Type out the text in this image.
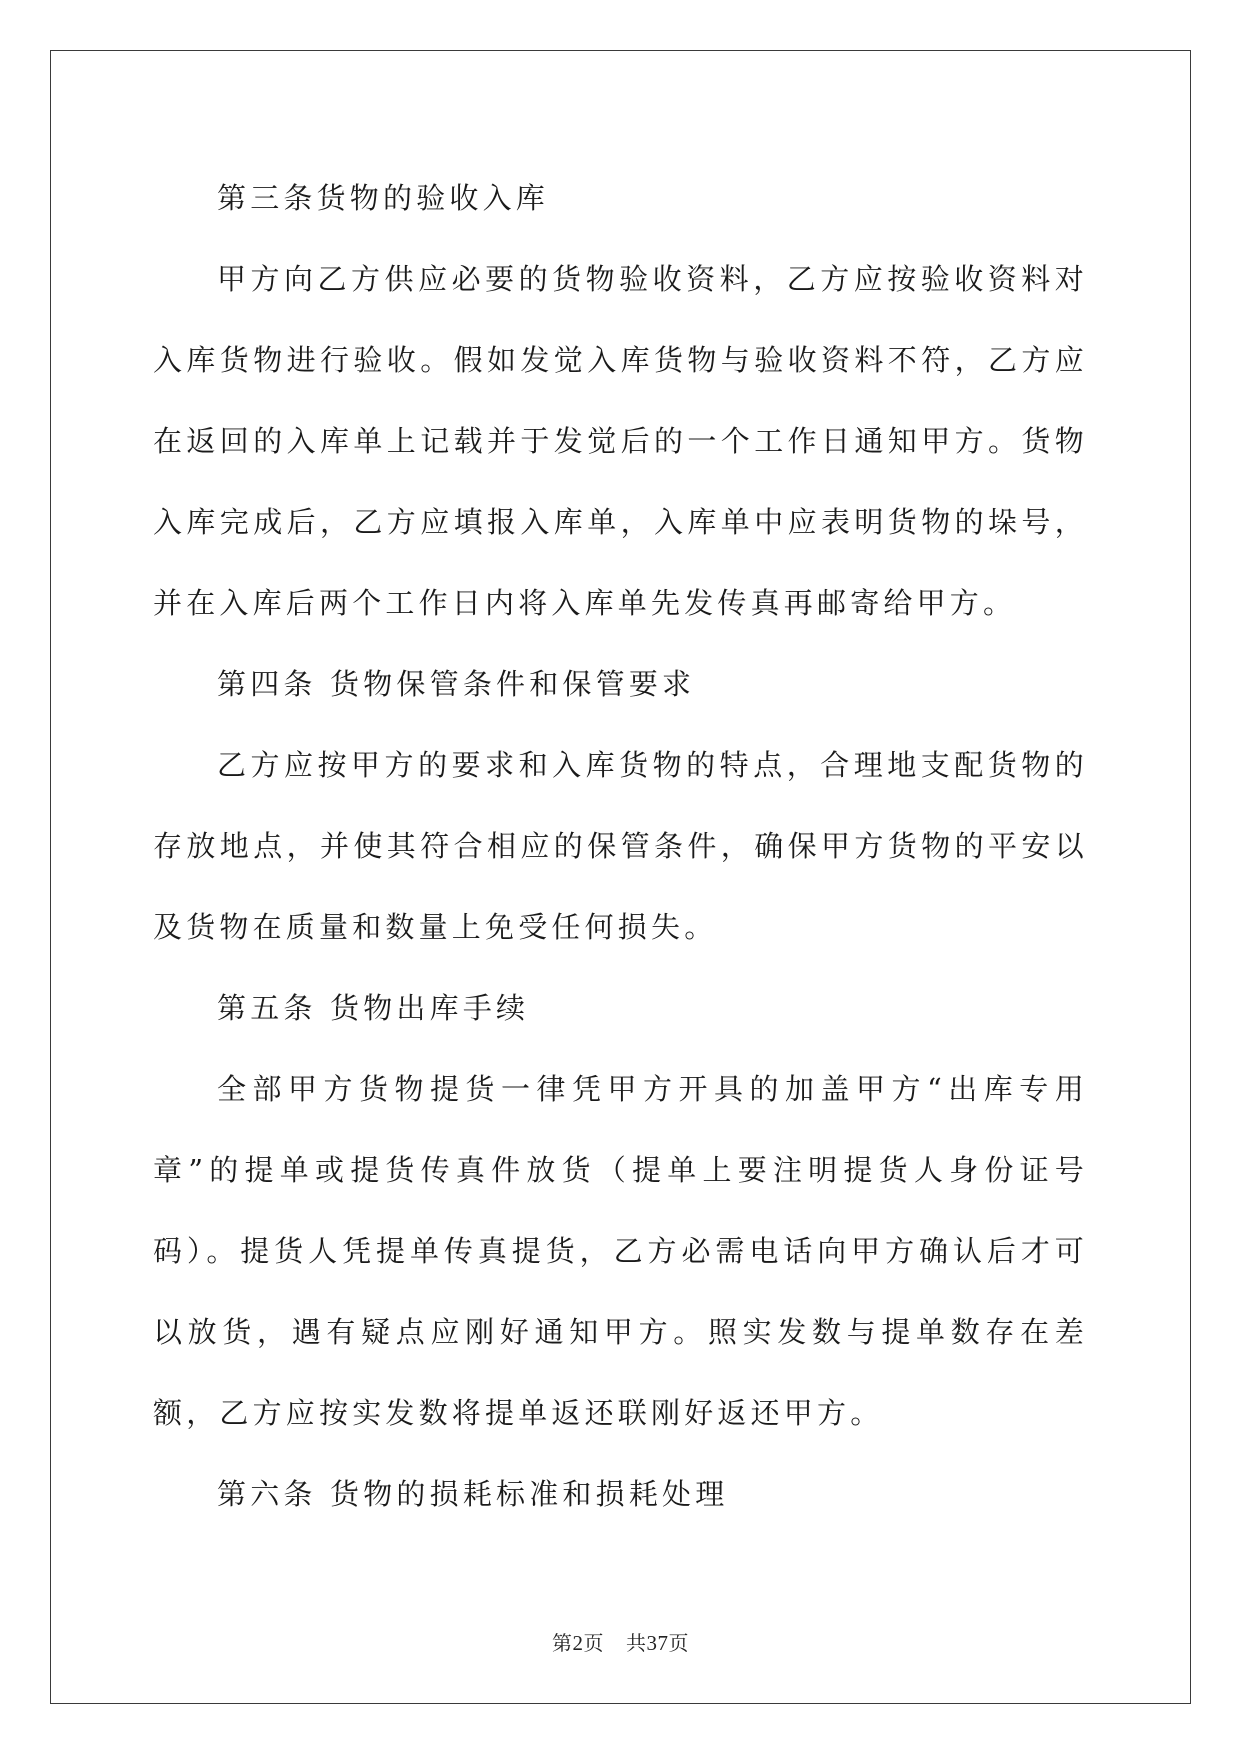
第三条货物的验收入库

甲方向乙方供应必要的货物验收资料，乙方应按验收资料对入库货物进行验收。假如发觉入库货物与验收资料不符，乙方应在返回的入库单上记载并于发觉后的一个工作日通知甲方。货物入库完成后，乙方应填报入库单，入库单中应表明货物的垛号，并在入库后两个工作日内将入库单先发传真再邮寄给甲方。

第四条 货物保管条件和保管要求

乙方应按甲方的要求和入库货物的特点，合理地支配货物的存放地点，并使其符合相应的保管条件，确保甲方货物的平安以及货物在质量和数量上免受任何损失。

第五条 货物出库手续

全部甲方货物提货一律凭甲方开具的加盖甲方“出库专用章”的提单或提货传真件放货（提单上要注明提货人身份证号码）。提货人凭提单传真提货，乙方必需电话向甲方确认后才可以放货，遇有疑点应刚好通知甲方。照实发数与提单数存在差额，乙方应按实发数将提单返还联刚好返还甲方。

第六条 货物的损耗标准和损耗处理

第2页 共37页
